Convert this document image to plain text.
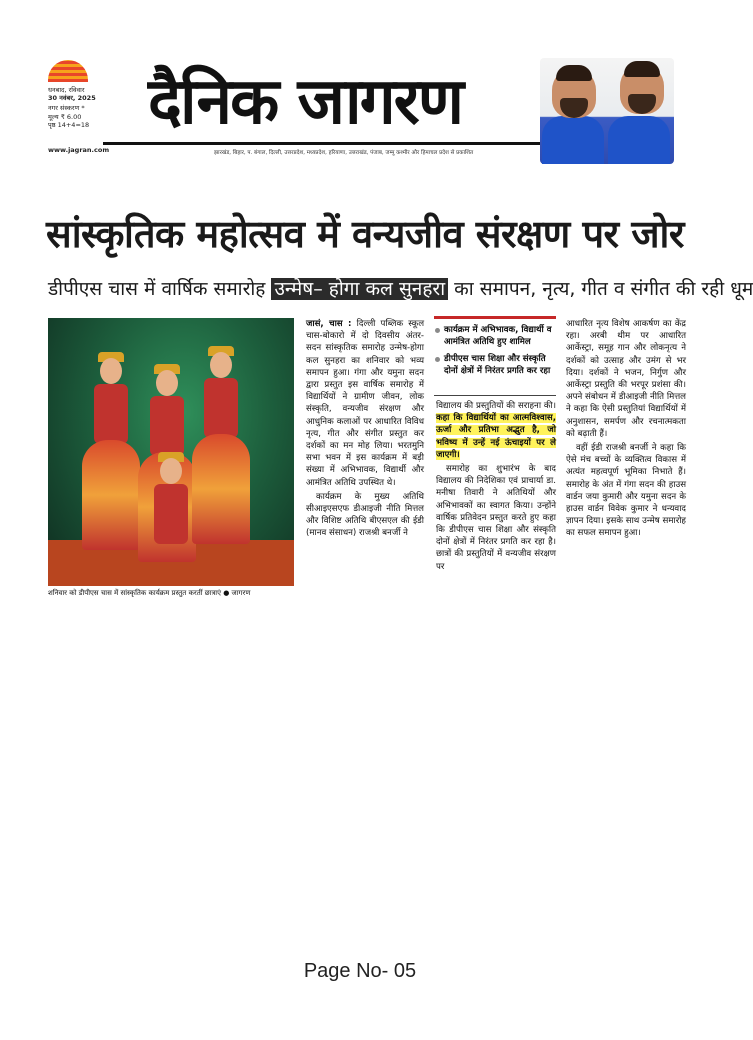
धनबाद, रविवार
30 नवंबर, 2025
नगर संस्करण *
मूल्य ₹ 6.00
पृष्ठ 14+4=18
www.jagran.com
दैनिक जागरण
झारखंड, बिहार, प. बंगाल, दिल्ली, उत्तरप्रदेश, मध्यप्रदेश, हरियाणा, उत्तराखंड, पंजाब, जम्मू कश्मीर और हिमाचल प्रदेश से प्रकाशित
सांस्कृतिक महोत्सव में वन्यजीव संरक्षण पर जोर
डीपीएस चास में वार्षिक समारोह उन्मेष– होगा कल सुनहरा का समापन, नृत्य, गीत व संगीत की रही धूम
शनिवार को डीपीएस चास में सांस्कृतिक कार्यक्रम प्रस्तुत करतीं छात्राएं ● जागरण

जासं, चास : दिल्ली पब्लिक स्कूल चास-बोकारो में दो दिवसीय अंतर-सदन सांस्कृतिक समारोह उन्मेष-होगा कल सुनहरा का शनिवार को भव्य समापन हुआ। गंगा और यमुना सदन द्वारा प्रस्तुत इस वार्षिक समारोह में विद्यार्थियों ने ग्रामीण जीवन, लोक संस्कृति, वन्यजीव संरक्षण और आधुनिक कलाओं पर आधारित विविध नृत्य, गीत और संगीत प्रस्तुत कर दर्शकों का मन मोह लिया। भरतमुनि सभा भवन में इस कार्यक्रम में बड़ी संख्या में अभिभावक, विद्यार्थी और आमंत्रित अतिथि उपस्थित थे।

कार्यक्रम के मुख्य अतिथि सीआइएसएफ डीआइजी नीति मित्तल और विशिष्ट अतिथि बीएसएल की ईडी (मानव संसाधन) राजश्री बनर्जी ने

कार्यक्रम में अभिभावक, विद्यार्थी व आमंत्रित अतिथि हुए शामिल
डीपीएस चास शिक्षा और संस्कृति दोनों क्षेत्रों में निरंतर प्रगति कर रहा

विद्यालय की प्रस्तुतियों की सराहना की। कहा कि विद्यार्थियों का आत्मविश्वास, ऊर्जा और प्रतिभा अद्भुत है, जो भविष्य में उन्हें नई ऊंचाइयों पर ले जाएगी।

समारोह का शुभारंभ के बाद विद्यालय की निदेशिका एवं प्राचार्या डा. मनीषा तिवारी ने अतिथियों और अभिभावकों का स्वागत किया। उन्होंने वार्षिक प्रतिवेदन प्रस्तुत करते हुए कहा कि डीपीएस चास शिक्षा और संस्कृति दोनों क्षेत्रों में निरंतर प्रगति कर रहा है। छात्रों की प्रस्तुतियों में वन्यजीव संरक्षण पर

आधारित नृत्य विशेष आकर्षण का केंद्र रहा। अरबी थीम पर आधारित आर्केस्ट्रा, समूह गान और लोकनृत्य ने दर्शकों को उत्साह और उमंग से भर दिया। दर्शकों ने भजन, निर्गुण और आर्केस्ट्रा प्रस्तुति की भरपूर प्रशंसा की। अपने संबोधन में डीआइजी नीति मित्तल ने कहा कि ऐसी प्रस्तुतियां विद्यार्थियों में अनुशासन, समर्पण और रचनात्मकता को बढ़ाती हैं।

वहीं ईडी राजश्री बनर्जी ने कहा कि ऐसे मंच बच्चों के व्यक्तित्व विकास में अत्यंत महत्वपूर्ण भूमिका निभाते हैं। समारोह के अंत में गंगा सदन की हाउस वार्डन जया कुमारी और यमुना सदन के हाउस वार्डन विवेक कुमार ने धन्यवाद ज्ञापन दिया। इसके साथ उन्मेष समारोह का सफल समापन हुआ।

Page No- 05
